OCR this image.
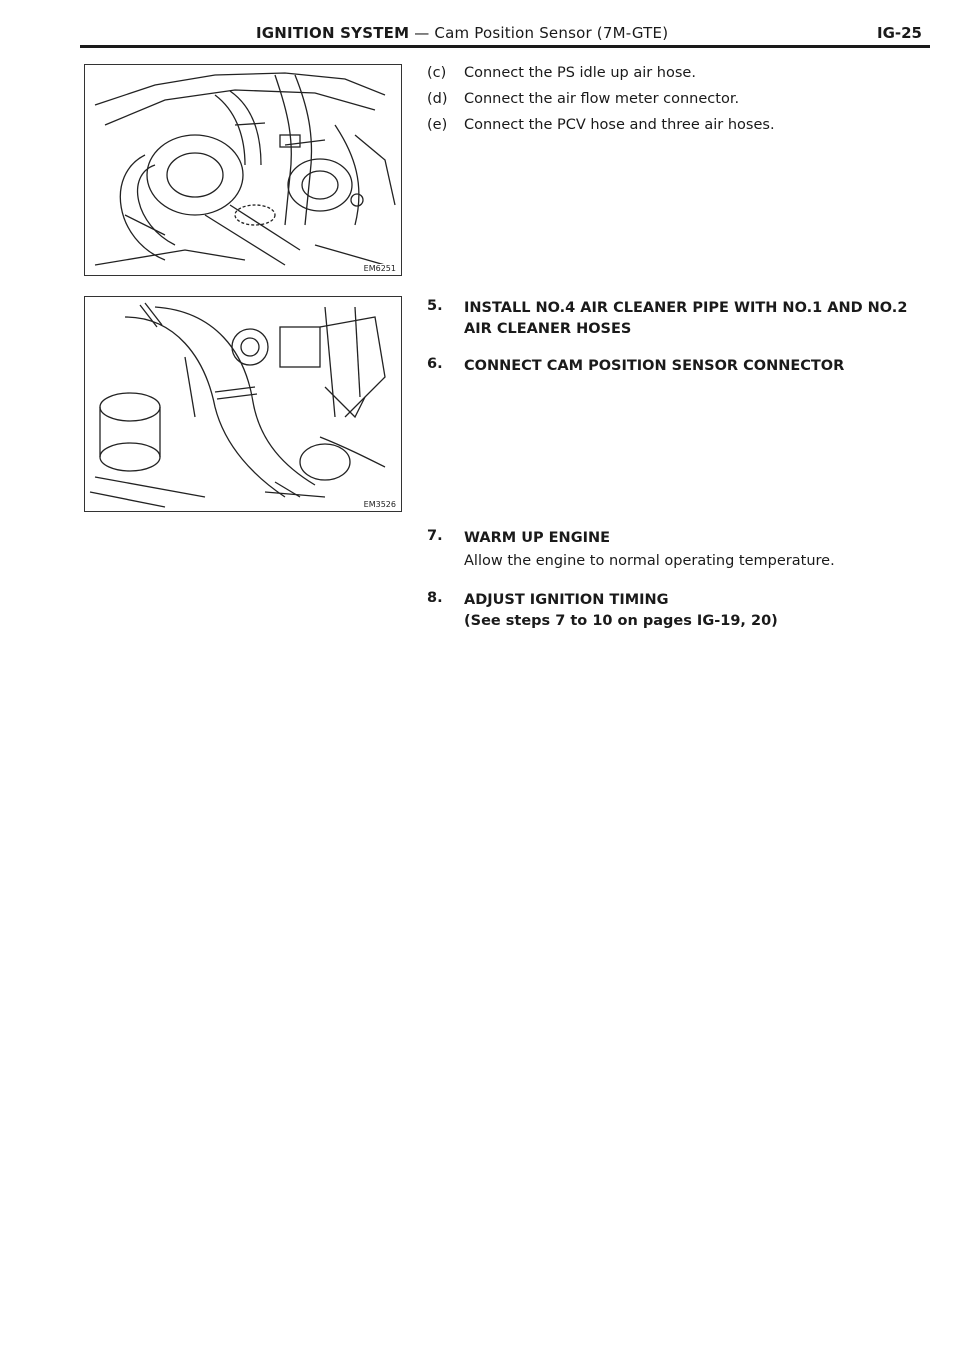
IGNITION SYSTEM — Cam Position Sensor (7M-GTE)	IG-25
EM6251
EM3526
(c) Connect the PS idle up air hose.
(d) Connect the air flow meter connector.
(e) Connect the PCV hose and three air hoses.
5. INSTALL NO.4 AIR CLEANER PIPE WITH NO.1 AND NO.2
AIR CLEANER HOSES
6. CONNECT CAM POSITION SENSOR CONNECTOR
7. WARM UP ENGINE
Allow the engine to normal operating temperature.
8. ADJUST IGNITION TIMING
(See steps 7 to 10 on pages IG-19, 20)
